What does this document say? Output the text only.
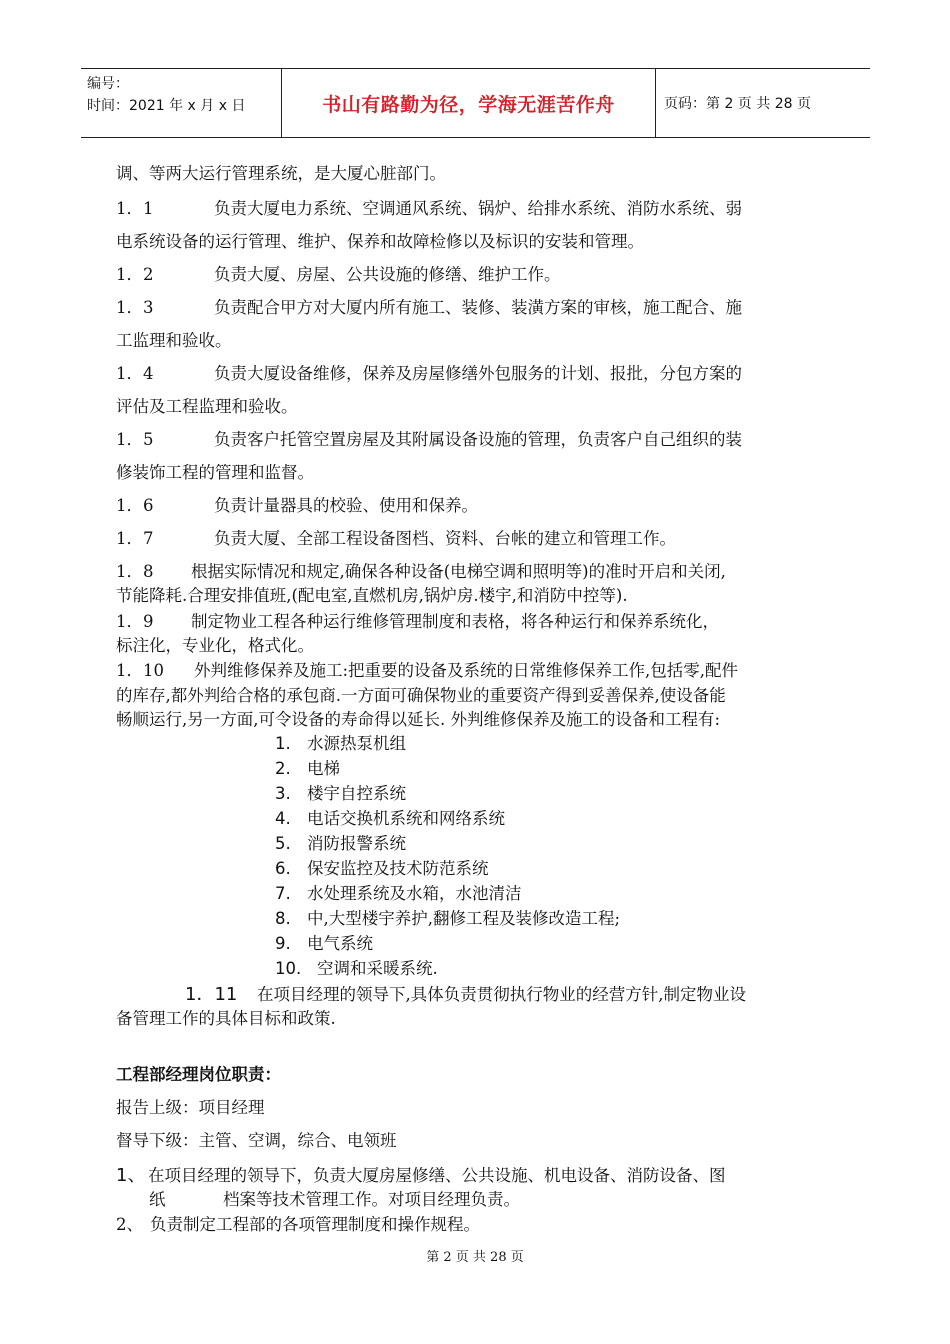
编号：
时间：2021 年 x 月 x 日	书山有路勤为径，学海无涯苦作舟	页码：第 2 页 共 28 页
调、等两大运行管理系统，是大厦心脏部门。
1．1	负责大厦电力系统、空调通风系统、锅炉、给排水系统、消防水系统、弱
电系统设备的运行管理、维护、保养和故障检修以及标识的安装和管理。
1．2	负责大厦、房屋、公共设施的修缮、维护工作。
1．3	负责配合甲方对大厦内所有施工、装修、装潢方案的审核，施工配合、施
工监理和验收。
1．4	负责大厦设备维修，保养及房屋修缮外包服务的计划、报批，分包方案的
评估及工程监理和验收。
1．5	负责客户托管空置房屋及其附属设备设施的管理，负责客户自己组织的装
修装饰工程的管理和监督。
1．6	负责计量器具的校验、使用和保养。
1．7	负责大厦、全部工程设备图档、资料、台帐的建立和管理工作。
1．8 根据实际情况和规定,确保各种设备(电梯空调和照明等)的准时开启和关闭,
节能降耗.合理安排值班,(配电室,直燃机房,锅炉房.楼宇,和消防中控等).
1．9 制定物业工程各种运行维修管理制度和表格，将各种运行和保养系统化，
标注化，专业化，格式化。
1．10 外判维修保养及施工:把重要的设备及系统的日常维修保养工作,包括零,配件
的库存,都外判给合格的承包商.一方面可确保物业的重要资产得到妥善保养,使设备能
畅顺运行,另一方面,可令设备的寿命得以延长. 外判维修保养及施工的设备和工程有:
1. 水源热泵机组
2. 电梯
3. 楼宇自控系统
4. 电话交换机系统和网络系统
5. 消防报警系统
6. 保安监控及技术防范系统
7. 水处理系统及水箱，水池清洁
8. 中,大型楼宇养护,翻修工程及装修改造工程;
9. 电气系统
10. 空调和采暖系统.
1．11 在项目经理的领导下,具体负责贯彻执行物业的经营方针,制定物业设
备管理工作的具体目标和政策.
工程部经理岗位职责：
报告上级：项目经理
督导下级：主管、空调，综合、电领班
1、 在项目经理的领导下，负责大厦房屋修缮、公共设施、机电设备、消防设备、图
纸	档案等技术管理工作。对项目经理负责。
2、 负责制定工程部的各项管理制度和操作规程。
第 2 页 共 28 页
